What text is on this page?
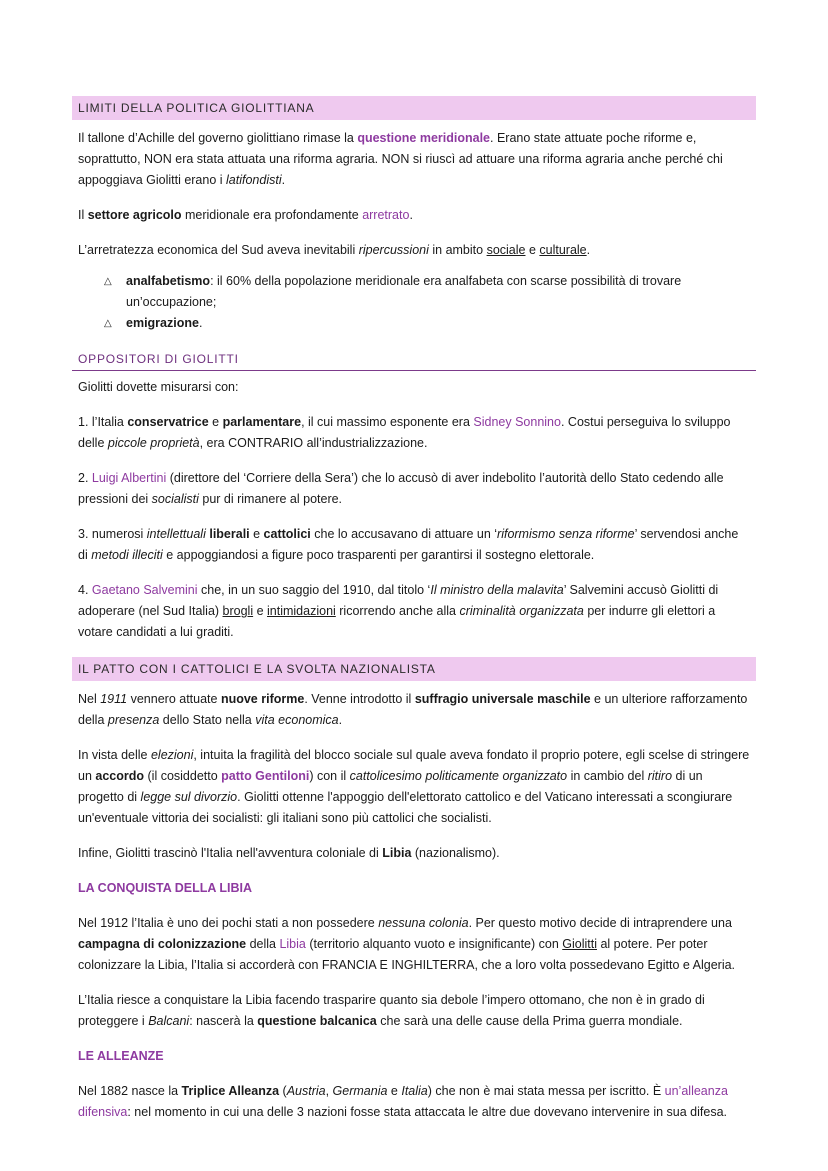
LIMITI DELLA POLITICA GIOLITTIANA

Il tallone d’Achille del governo giolittiano rimase la questione meridionale. Erano state attuate poche riforme e, soprattutto, NON era stata attuata una riforma agraria. NON si riuscì ad attuare una riforma agraria anche perché chi appoggiava Giolitti erano i latifondisti.

Il settore agricolo meridionale era profondamente arretrato.

L’arretratezza economica del Sud aveva inevitabili ripercussioni in ambito sociale e culturale.

△ analfabetismo: il 60% della popolazione meridionale era analfabeta con scarse possibilità di trovare un’occupazione;
△ emigrazione.
OPPOSITORI DI GIOLITTI

Giolitti dovette misurarsi con:

1. l’Italia conservatrice e parlamentare, il cui massimo esponente era Sidney Sonnino. Costui perseguiva lo sviluppo delle piccole proprietà, era CONTRARIO all’industrializzazione.

2. Luigi Albertini (direttore del ‘Corriere della Sera’) che lo accusò di aver indebolito l’autorità dello Stato cedendo alle pressioni dei socialisti pur di rimanere al potere.

3. numerosi intellettuali liberali e cattolici che lo accusavano di attuare un ‘riformismo senza riforme’ servendosi anche di metodi illeciti e appoggiandosi a figure poco trasparenti per garantirsi il sostegno elettorale.

4. Gaetano Salvemini che, in un suo saggio del 1910, dal titolo ‘Il ministro della malavita’ Salvemini accusò Giolitti di adoperare (nel Sud Italia) brogli e intimidazioni ricorrendo anche alla criminalità organizzata per indurre gli elettori a votare candidati a lui graditi.

IL PATTO CON I CATTOLICI E LA SVOLTA NAZIONALISTA

Nel 1911 vennero attuate nuove riforme. Venne introdotto il suffragio universale maschile e un ulteriore rafforzamento della presenza dello Stato nella vita economica.

In vista delle elezioni, intuita la fragilità del blocco sociale sul quale aveva fondato il proprio potere, egli scelse di stringere un accordo (il cosiddetto patto Gentiloni) con il cattolicesimo politicamente organizzato in cambio del ritiro di un progetto di legge sul divorzio. Giolitti ottenne l'appoggio dell'elettorato cattolico e del Vaticano interessati a scongiurare un'eventuale vittoria dei socialisti: gli italiani sono più cattolici che socialisti.

Infine, Giolitti trascinò l'Italia nell'avventura coloniale di Libia (nazionalismo).

LA CONQUISTA DELLA LIBIA

Nel 1912 l’Italia è uno dei pochi stati a non possedere nessuna colonia. Per questo motivo decide di intraprendere una campagna di colonizzazione della Libia (territorio alquanto vuoto e insignificante) con Giolitti al potere. Per poter colonizzare la Libia, l’Italia si accorderà con FRANCIA E INGHILTERRA, che a loro volta possedevano Egitto e Algeria.

L’Italia riesce a conquistare la Libia facendo trasparire quanto sia debole l’impero ottomano, che non è in grado di proteggere i Balcani: nascerà la questione balcanica che sarà una delle cause della Prima guerra mondiale.

LE ALLEANZE

Nel 1882 nasce la Triplice Alleanza (Austria, Germania e Italia) che non è mai stata messa per iscritto. È un’alleanza difensiva: nel momento in cui una delle 3 nazioni fosse stata attaccata le altre due dovevano intervenire in sua difesa.
